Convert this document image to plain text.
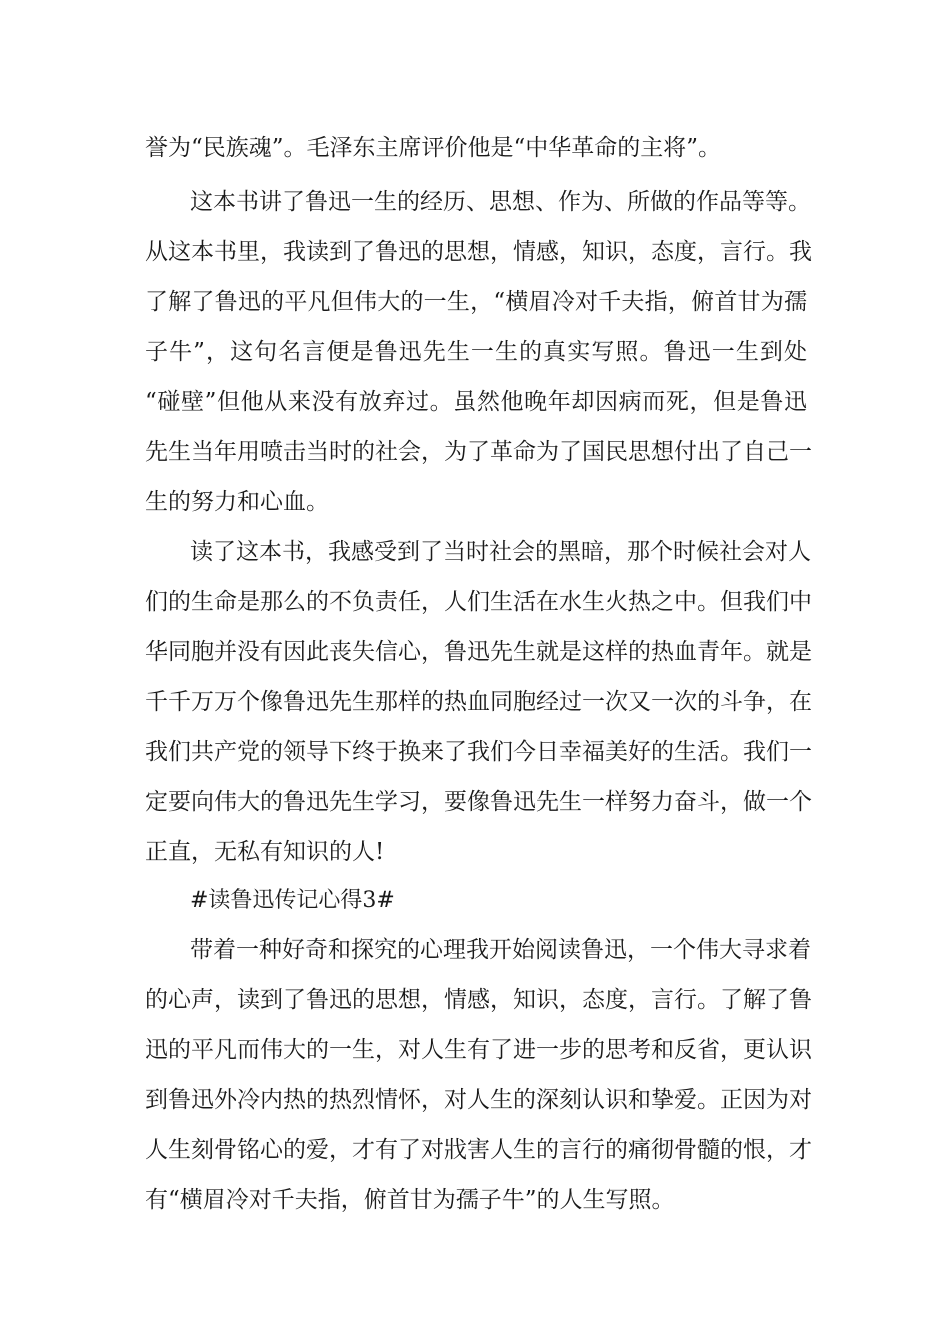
誉为“民族魂”。毛泽东主席评价他是“中华革命的主将”。
这本书讲了鲁迅一生的经历、思想、作为、所做的作品等等。
从这本书里，我读到了鲁迅的思想，情感，知识，态度，言行。我
了解了鲁迅的平凡但伟大的一生，“横眉冷对千夫指，俯首甘为孺
子牛”，这句名言便是鲁迅先生一生的真实写照。鲁迅一生到处
“碰壁”但他从来没有放弃过。虽然他晚年却因病而死，但是鲁迅
先生当年用喷击当时的社会，为了革命为了国民思想付出了自己一
生的努力和心血。
读了这本书，我感受到了当时社会的黑暗，那个时候社会对人
们的生命是那么的不负责任，人们生活在水生火热之中。但我们中
华同胞并没有因此丧失信心，鲁迅先生就是这样的热血青年。就是
千千万万个像鲁迅先生那样的热血同胞经过一次又一次的斗争，在
我们共产党的领导下终于换来了我们今日幸福美好的生活。我们一
定要向伟大的鲁迅先生学习，要像鲁迅先生一样努力奋斗，做一个
正直，无私有知识的人!
#读鲁迅传记心得3#
带着一种好奇和探究的心理我开始阅读鲁迅，一个伟大寻求着
的心声，读到了鲁迅的思想，情感，知识，态度，言行。了解了鲁
迅的平凡而伟大的一生，对人生有了进一步的思考和反省，更认识
到鲁迅外冷内热的热烈情怀，对人生的深刻认识和挚爱。正因为对
人生刻骨铭心的爱，才有了对戕害人生的言行的痛彻骨髓的恨，才
有“横眉冷对千夫指，俯首甘为孺子牛”的人生写照。
